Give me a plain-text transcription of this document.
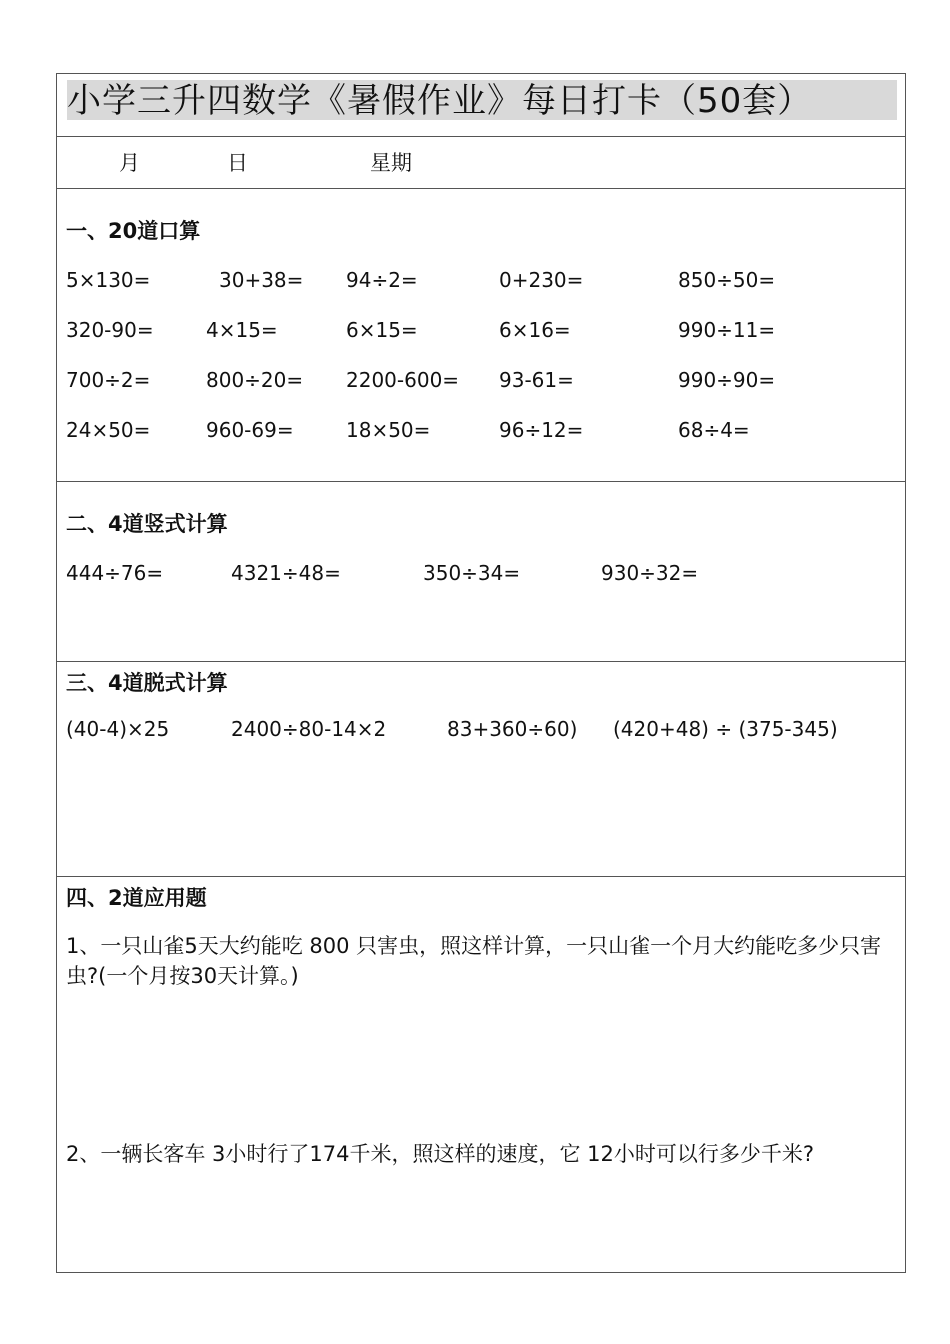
小学三升四数学《暑假作业》每日打卡（50套）
月	日	星期
一、20道口算
5×130=	30+38= 94÷2=	0+230=	850÷50=
320-90=	4×15=	6×15=	6×16=	990÷11=
700÷2=	800÷20= 2200-600= 93-61=	990÷90=
24×50=	960-69=	18×50=	96÷12=	68÷4=
二、4道竖式计算
444÷76=	4321÷48=	350÷34=	930÷32=
三、4道脱式计算
(40-4)×25	2400÷80-14×2	83+360÷60) (420+48) ÷ (375-345)
四、2道应用题
1、一只山雀5天大约能吃 800 只害虫，照这样计算，一只山雀一个月大约能吃多少只害虫?(一个月按30天计算。)
2、一辆长客车 3小时行了174千米，照这样的速度，它 12小时可以行多少千米?
